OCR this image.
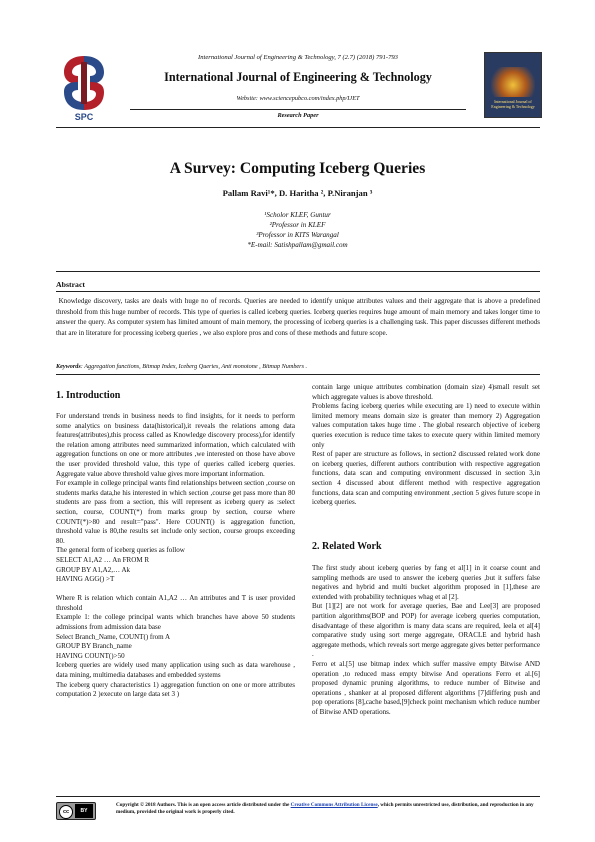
SPC
International Journal of Engineering & Technology
International Journal of Engineering & Technology, 7 (2.7) (2018) 791-793
International Journal of Engineering & Technology
Website: www.sciencepubco.com/index.php/IJET
Research Paper
A Survey: Computing Iceberg Queries
Pallam Ravi¹*, D. Haritha ², P.Niranjan ³
¹Scholor KLEF, Guntur
²Professor in KLEF
³Professor in KITS Warangal
*E-mail: Satishpallam@gmail.com
Abstract
Knowledge discovery, tasks are deals with huge no of records. Queries are needed to identify unique attributes values and their aggregate that is above a predefined threshold from this huge number of records. This type of queries is called iceberg queries. Iceberg queries requires huge amount of main memory and takes longer time to answer the query. As computer system has limited amount of main memory, the processing of iceberg queries is a challenging task. This paper discusses different methods that are in literature for processing iceberg queries , we also explore pros and cons of these methods and future scope.
Keywords: Aggregation functions, Bitmap Index, Iceberg Queries, Anti monotone , Bitmap Numbers .
1. Introduction

For understand trends in business needs to find insights, for it needs to perform some analytics on business data(historical),it reveals the relations among data features(attributes),this process called as Knowledge discovery process),for identify the relation among attributes need summarized information, which calculated with aggregation functions on one or more attributes ,we interested on those have above the user provided threshold value, this type of queries called iceberg queries. Aggregate value above threshold value gives more important information.

For example in college principal wants find relationships between section ,course on students marks data,he his interested in which section ,course get pass more than 80 students are pass from a section, this will represent as iceberg query as :select section, course, COUNT(*) from marks group by section, course where COUNT(*)>80 and result="pass". Here COUNT() is aggregation function, threshold value is 80,the results set include only section, course groups exceeding 80.

The general form of iceberg queries as follow

SELECT A1,A2 … An FROM R

GROUP BY A1,A2,… Ak

HAVING AGG() >T

Where R is relation which contain A1,A2 … An attributes and T is user provided threshold

Example 1: the college principal wants which branches have above 50 students admissions from admission data base

Select Branch_Name, COUNT() from A

GROUP BY Branch_name

HAVING COUNT()>50

Iceberg queries are widely used many application using such as data warehouse , data mining, multimedia databases and embedded systems

The iceberg query characteristics 1) aggregation function on one or more attributes computation 2 )execute on large data set 3 )

contain large unique attributes combination (domain size) 4)small result set which aggregate values is above threshold.

Problems facing iceberg queries while executing are 1) need to execute within limited memory means domain size is greater than memory 2) Aggregation values computation takes huge time . The global research objective of iceberg queries execution is reduce time takes to execute query within limited memory only

Rest of paper are structure as follows, in section2 discussed related work done on iceberg queries, different authors contribution with respective aggregation functions, data scan and computing environment discussed in section 3,in section 4 discussed about different method with respective aggregation functions, data scan and computing environment ,section 5 gives future scope in iceberg queries.

2. Related Work

The first study about iceberg queries by fang et al[1] in it coarse count and sampling methods are used to answer the iceberg queries ,but it suffers false negatives and hybrid and multi bucket algorithm proposed in [1],these are extended with probability techniques whag et al [2].

But [1][2] are not work for average queries, Bae and Lee[3] are proposed partition algorithms(BOP and POP) for average iceberg queries computation, disadvantage of these algorithm is many data scans are required, leela et al[4] comparative study using sort merge aggregate, ORACLE and hybrid hash aggregate methods, which reveals sort merge aggregate gives better performance .

Ferro et al.[5] use bitmap index which suffer massive empty Bitwise AND operation ,to reduced mass empty bitwise And operations Ferro et al.[6] proposed dynamic pruning algorithms, to reduce number of Bitwise and operations , shanker at al proposed different algorithms [7]differing push and pop operations [8],cache based,[9]check point mechanism which reduce number of Bitwise AND operations.

cc	BY
Copyright © 2018 Authors. This is an open access article distributed under the Creative Commons Attribution License, which permits unrestricted use, distribution, and reproduction in any medium, provided the original work is properly cited.
